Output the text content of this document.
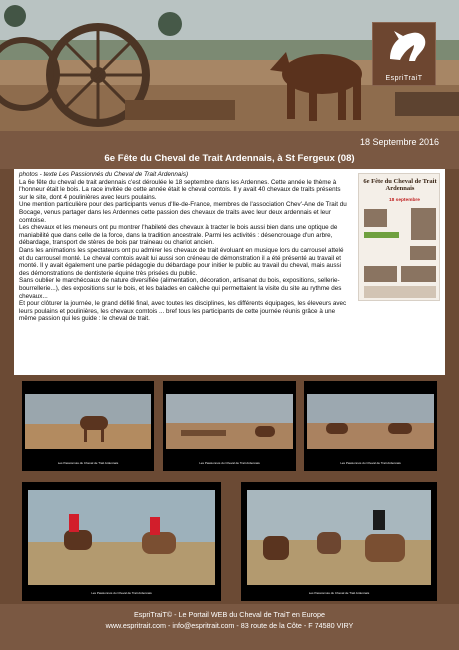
EspriTraiT
18 Septembre 2016
6e Fête du Cheval de Trait Ardennais, à St Fergeux (08)

photos - texte Les Passionnés du Cheval de Trait Ardennais)

La 6e fête du cheval de trait ardennais c'est déroulée le 18 septembre dans les Ardennes. Cette année le thème à l'honneur était le bois. La race invitée de cette année était le cheval comtois. Il y avait 40 chevaux de traits présents sur le site, dont 4 poulinières avec leurs poulains.

Une mention particulière pour des participants venus d'Ile-de-France, membres de l'association Chev'-Ane de Trait du Bocage, venus partager dans les Ardennes cette passion des chevaux de traits avec leur deux ardennais et leur comtoise.

Les chevaux et les meneurs ont pu montrer l'habileté des chevaux à tracter le bois aussi bien dans une optique de maniabilité que dans celle de la force, dans la tradition ancestrale. Parmi les activités : désencrouage d'un arbre, débardage, transport de stères de bois par traineau ou chariot ancien.

Dans les animations les spectateurs ont pu admirer les chevaux de trait évoluant en musique lors du carrousel attelé et du carrousel monté. Le cheval comtois avait lui aussi son créneau de démonstration il a été présenté au travail et monté. Il y avait également une partie pédagogie du débardage pour initier le public au travail du cheval, mais aussi des démonstrations de dentisterie équine très prisées du public.

Sans oublier le marchécoaux de nature diversifiée (alimentation, décoration, artisanat du bois, expositions, sellerie-bourrellerie...), des expositions sur le bois, et les balades en calèche qui permettaient la visite du site au rythme des chevaux...

Et pour clôturer la journée, le grand défilé final, avec toutes les disciplines, les différents équipages, les éleveurs avec leurs poulains et poulinières, les chevaux comtois ... bref tous les participants de cette journée réunis grâce à une même passion qui les guide : le cheval de trait.

6e Fête du Cheval de Trait Ardennais
18 septembre
Les Passionnés du Cheval de Trait Ardennais	Les Passionnés du Cheval de Trait Ardennais	Les Passionnés du Cheval de Trait Ardennais
Les Passionnés du Cheval de Trait Ardennais	Les Passionnés du Cheval de Trait Ardennais
EspriTraiT© - Le Portail WEB du Cheval de TraiT en Europe
www.espritrait.com - info@espritrait.com - 83 route de la Côte - F 74580 VIRY
